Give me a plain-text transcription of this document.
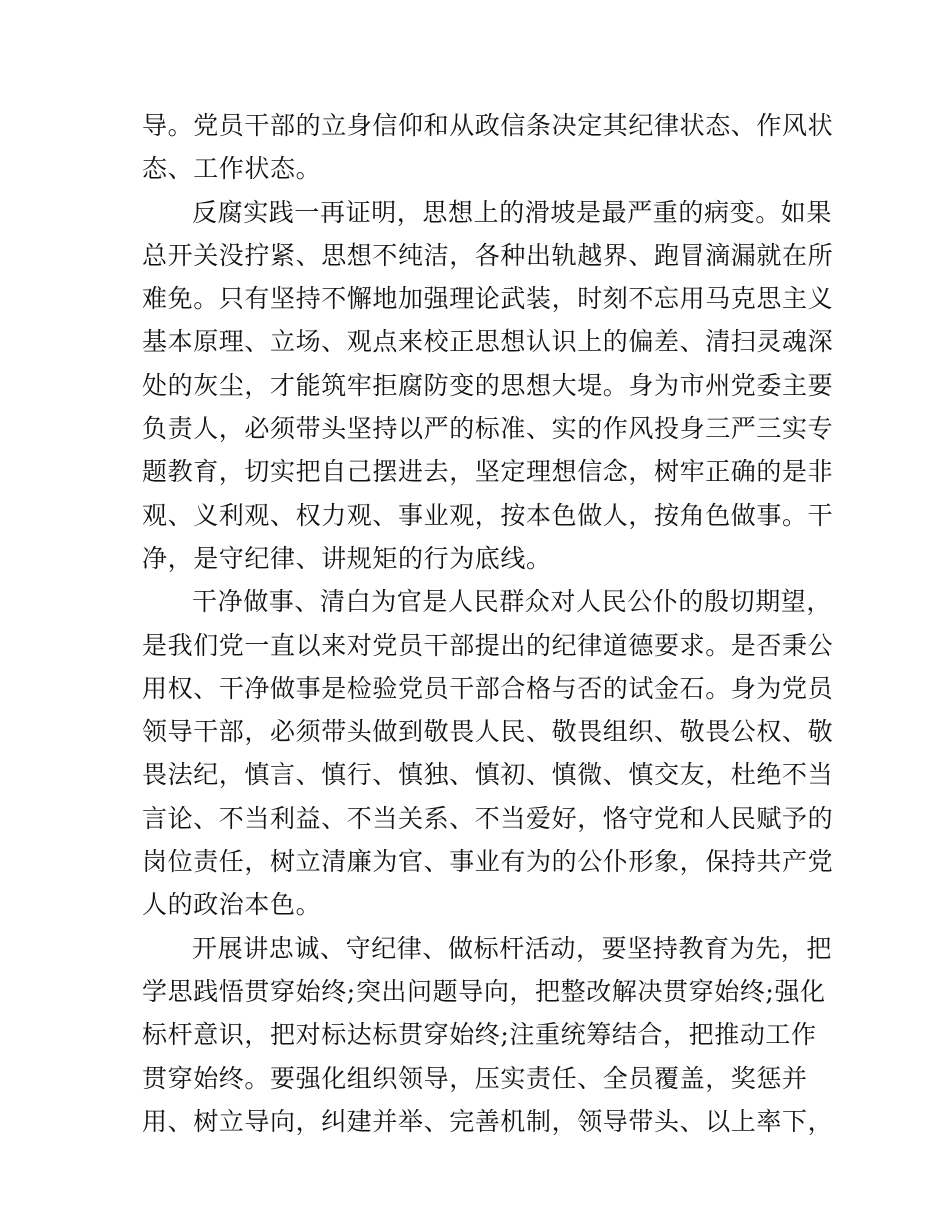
导。党员干部的立身信仰和从政信条决定其纪律状态、作风状
态、工作状态。
反腐实践一再证明，思想上的滑坡是最严重的病变。如果
总开关没拧紧、思想不纯洁，各种出轨越界、跑冒滴漏就在所
难免。只有坚持不懈地加强理论武装，时刻不忘用马克思主义
基本原理、立场、观点来校正思想认识上的偏差、清扫灵魂深
处的灰尘，才能筑牢拒腐防变的思想大堤。身为市州党委主要
负责人，必须带头坚持以严的标准、实的作风投身三严三实专
题教育，切实把自己摆进去，坚定理想信念，树牢正确的是非
观、义利观、权力观、事业观，按本色做人，按角色做事。干
净，是守纪律、讲规矩的行为底线。
干净做事、清白为官是人民群众对人民公仆的殷切期望，
是我们党一直以来对党员干部提出的纪律道德要求。是否秉公
用权、干净做事是检验党员干部合格与否的试金石。身为党员
领导干部，必须带头做到敬畏人民、敬畏组织、敬畏公权、敬
畏法纪，慎言、慎行、慎独、慎初、慎微、慎交友，杜绝不当
言论、不当利益、不当关系、不当爱好，恪守党和人民赋予的
岗位责任，树立清廉为官、事业有为的公仆形象，保持共产党
人的政治本色。
开展讲忠诚、守纪律、做标杆活动，要坚持教育为先，把
学思践悟贯穿始终;突出问题导向，把整改解决贯穿始终;强化
标杆意识，把对标达标贯穿始终;注重统筹结合，把推动工作
贯穿始终。要强化组织领导，压实责任、全员覆盖，奖惩并
用、树立导向，纠建并举、完善机制，领导带头、以上率下，
